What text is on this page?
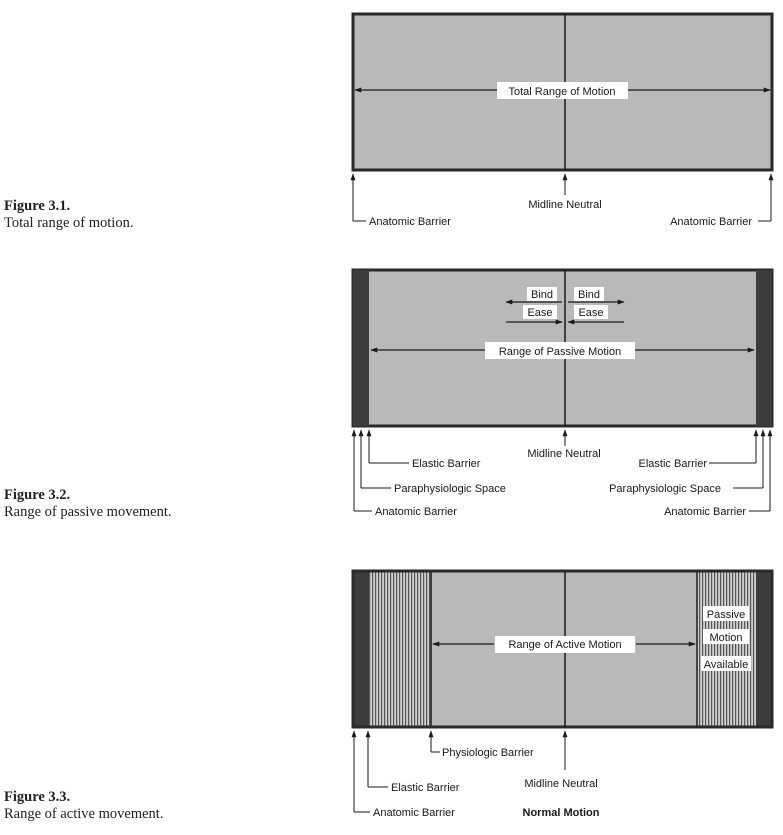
Figure 3.1.
Total range of motion.
Figure 3.2.
Range of passive movement.
Figure 3.3.
Range of active movement.
Total Range of Motion
Midline Neutral
Anatomic Barrier	Anatomic Barrier
Bind Bind
Ease Ease
Range of Passive Motion
Midline Neutral
Elastic Barrier
Paraphysiologic Space
Anatomic Barrier
Elastic Barrier
Paraphysiologic Space
Anatomic Barrier
Range of Active Motion
Passive
Motion
Available
Physiologic Barrier
Elastic Barrier
Anatomic Barrier
Midline Neutral
Normal Motion
